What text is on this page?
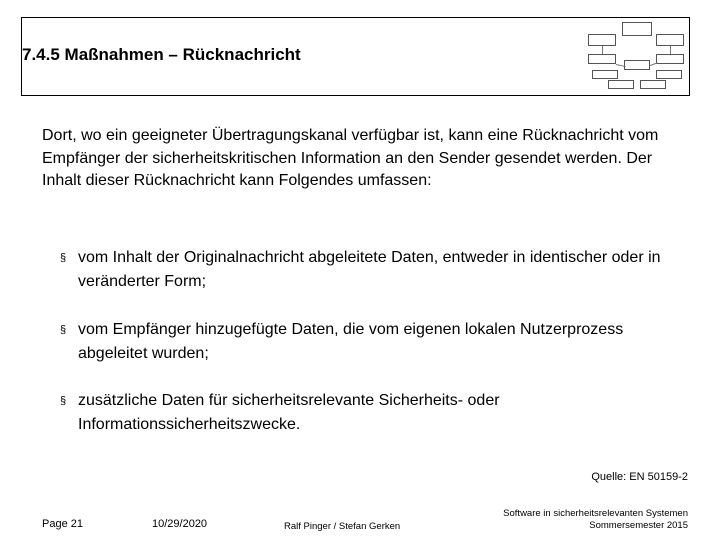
7.4.5 Maßnahmen – Rücknachricht
Dort, wo ein geeigneter Übertragungskanal verfügbar ist, kann eine Rücknachricht vom Empfänger der sicherheitskritischen Information an den Sender gesendet werden. Der Inhalt dieser Rücknachricht kann Folgendes umfassen:
§ vom Inhalt der Originalnachricht abgeleitete Daten, entweder in identischer oder in veränderter Form;
§ vom Empfänger hinzugefügte Daten, die vom eigenen lokalen Nutzerprozess abgeleitet wurden;
§ zusätzliche Daten für sicherheitsrelevante Sicherheits- oder Informationssicherheitszwecke.
Quelle: EN 50159-2
Page 21	10/29/2020	Ralf Pinger / Stefan Gerken
Software in sicherheitsrelevanten Systemen
Sommersemester 2015
